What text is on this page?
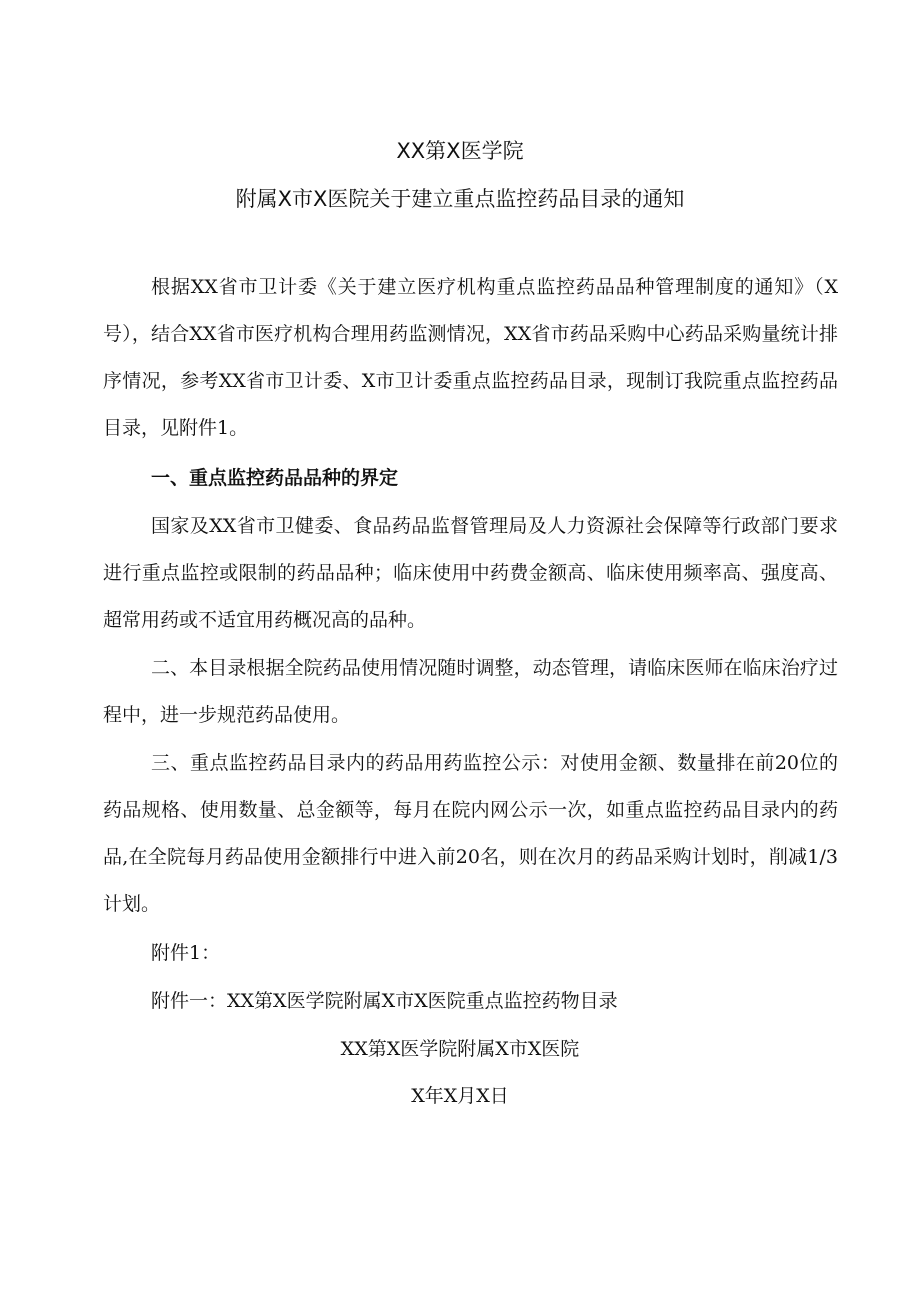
XX第X医学院
附属X市X医院关于建立重点监控药品目录的通知

根据XX省市卫计委《关于建立医疗机构重点监控药品品种管理制度的通知》（X号），结合XX省市医疗机构合理用药监测情况，XX省市药品采购中心药品采购量统计排序情况，参考XX省市卫计委、X市卫计委重点监控药品目录，现制订我院重点监控药品目录，见附件1。

一、重点监控药品品种的界定

国家及XX省市卫健委、食品药品监督管理局及人力资源社会保障等行政部门要求进行重点监控或限制的药品品种；临床使用中药费金额高、临床使用频率高、强度高、超常用药或不适宜用药概况高的品种。

二、本目录根据全院药品使用情况随时调整，动态管理，请临床医师在临床治疗过程中，进一步规范药品使用。

三、重点监控药品目录内的药品用药监控公示：对使用金额、数量排在前20位的药品规格、使用数量、总金额等，每月在院内网公示一次，如重点监控药品目录内的药品,在全院每月药品使用金额排行中进入前20名，则在次月的药品采购计划时，削减1/3计划。

附件1：
附件一：XX第X医学院附属X市X医院重点监控药物目录
XX第X医学院附属X市X医院
X年X月X日
